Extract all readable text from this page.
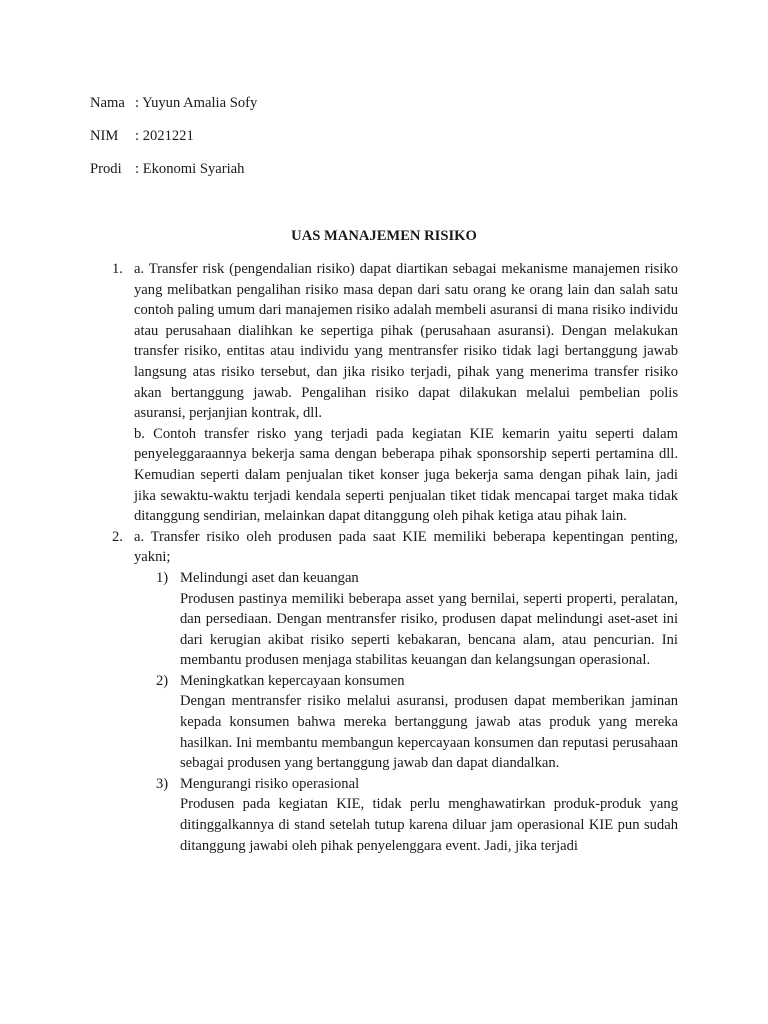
Nama : Yuyun Amalia Sofy
NIM : 2021221
Prodi : Ekonomi Syariah
UAS MANAJEMEN RISIKO
1. a. Transfer risk (pengendalian risiko) dapat diartikan sebagai mekanisme manajemen risiko yang melibatkan pengalihan risiko masa depan dari satu orang ke orang lain dan salah satu contoh paling umum dari manajemen risiko adalah membeli asuransi di mana risiko individu atau perusahaan dialihkan ke sepertiga pihak (perusahaan asuransi). Dengan melakukan transfer risiko, entitas atau individu yang mentransfer risiko tidak lagi bertanggung jawab langsung atas risiko tersebut, dan jika risiko terjadi, pihak yang menerima transfer risiko akan bertanggung jawab. Pengalihan risiko dapat dilakukan melalui pembelian polis asuransi, perjanjian kontrak, dll.

b. Contoh transfer risko yang terjadi pada kegiatan KIE kemarin yaitu seperti dalam penyeleggaraannya bekerja sama dengan beberapa pihak sponsorship seperti pertamina dll. Kemudian seperti dalam penjualan tiket konser juga bekerja sama dengan pihak lain, jadi jika sewaktu-waktu terjadi kendala seperti penjualan tiket tidak mencapai target maka tidak ditanggung sendirian, melainkan dapat ditanggung oleh pihak ketiga atau pihak lain.

2. a. Transfer risiko oleh produsen pada saat KIE memiliki beberapa kepentingan penting, yakni;

1) Melindungi aset dan keuangan
Produsen pastinya memiliki beberapa asset yang bernilai, seperti properti, peralatan, dan persediaan. Dengan mentransfer risiko, produsen dapat melindungi aset-aset ini dari kerugian akibat risiko seperti kebakaran, bencana alam, atau pencurian. Ini membantu produsen menjaga stabilitas keuangan dan kelangsungan operasional.
2) Meningkatkan kepercayaan konsumen
Dengan mentransfer risiko melalui asuransi, produsen dapat memberikan jaminan kepada konsumen bahwa mereka bertanggung jawab atas produk yang mereka hasilkan. Ini membantu membangun kepercayaan konsumen dan reputasi perusahaan sebagai produsen yang bertanggung jawab dan dapat diandalkan.
3) Mengurangi risiko operasional
Produsen pada kegiatan KIE, tidak perlu menghawatirkan produk-produk yang ditinggalkannya di stand setelah tutup karena diluar jam operasional KIE pun sudah ditanggung jawabi oleh pihak penyelenggara event. Jadi, jika terjadi
